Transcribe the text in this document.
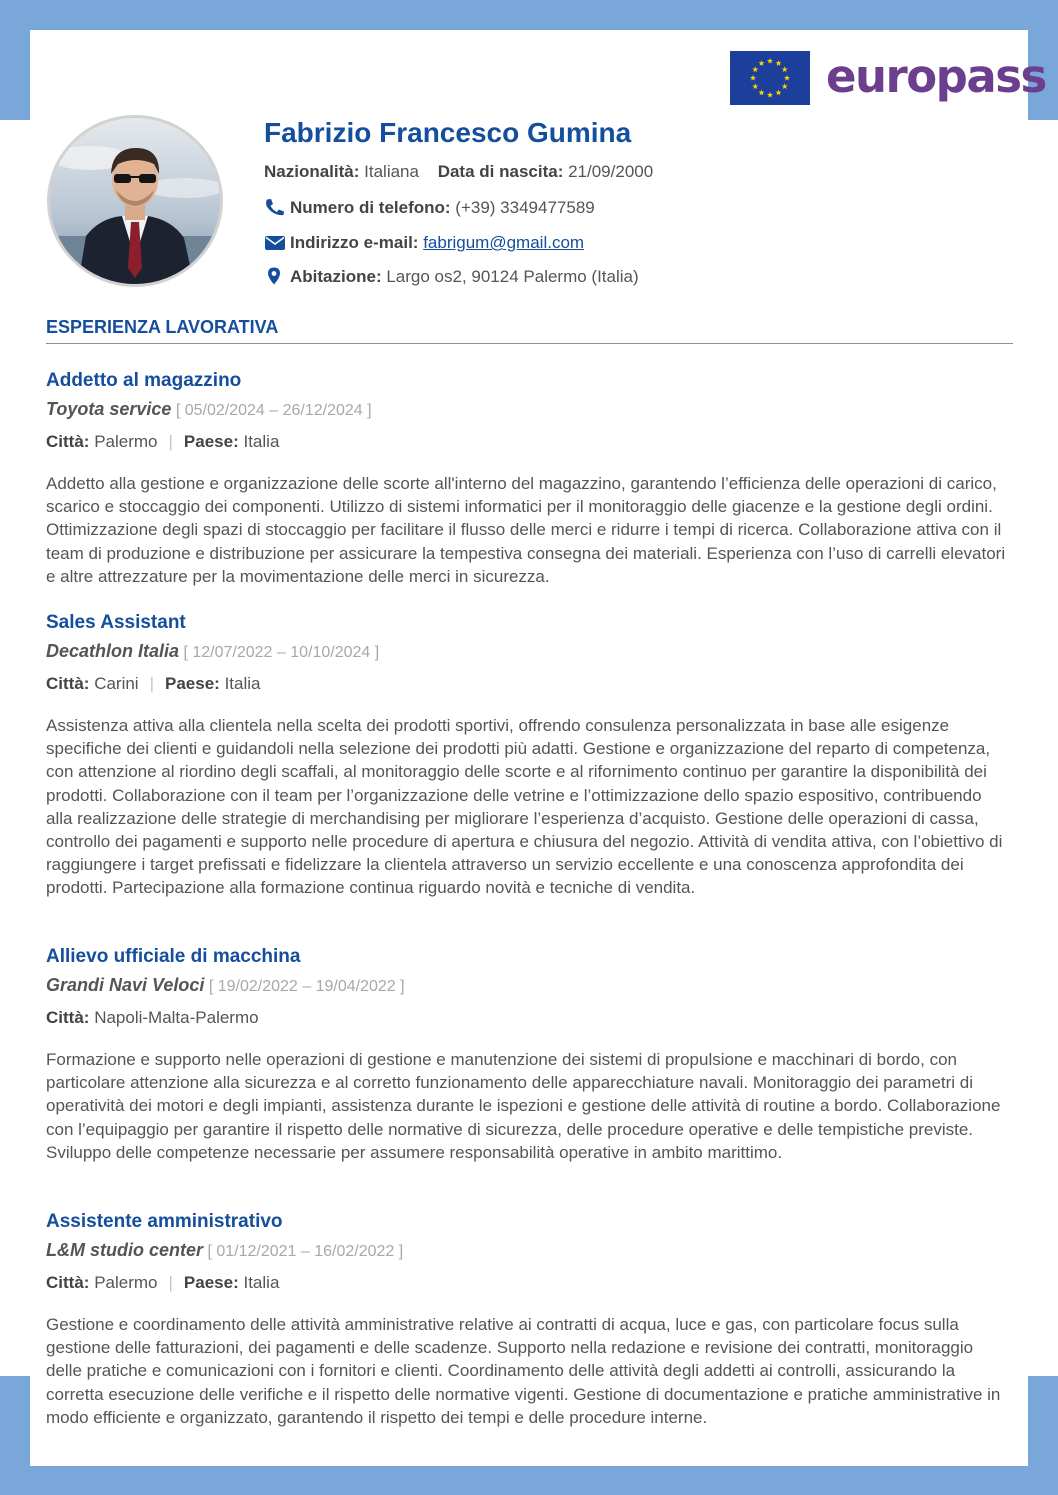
europass
Fabrizio Francesco Gumina
Nazionalità: Italiana Data di nascita: 21/09/2000
Numero di telefono: (+39) 3349477589
Indirizzo e-mail: fabrigum@gmail.com
Abitazione: Largo os2, 90124 Palermo (Italia)
ESPERIENZA LAVORATIVA
Addetto al magazzino
Toyota service [ 05/02/2024 – 26/12/2024 ]
Città: Palermo | Paese: Italia
Addetto alla gestione e organizzazione delle scorte all'interno del magazzino, garantendo l’efficienza delle operazioni di carico, scarico e stoccaggio dei componenti. Utilizzo di sistemi informatici per il monitoraggio delle giacenze e la gestione degli ordini. Ottimizzazione degli spazi di stoccaggio per facilitare il flusso delle merci e ridurre i tempi di ricerca. Collaborazione attiva con il team di produzione e distribuzione per assicurare la tempestiva consegna dei materiali. Esperienza con l’uso di carrelli elevatori e altre attrezzature per la movimentazione delle merci in sicurezza.
Sales Assistant
Decathlon Italia [ 12/07/2022 – 10/10/2024 ]
Città: Carini | Paese: Italia
Assistenza attiva alla clientela nella scelta dei prodotti sportivi, offrendo consulenza personalizzata in base alle esigenze specifiche dei clienti e guidandoli nella selezione dei prodotti più adatti. Gestione e organizzazione del reparto di competenza, con attenzione al riordino degli scaffali, al monitoraggio delle scorte e al rifornimento continuo per garantire la disponibilità dei prodotti. Collaborazione con il team per l’organizzazione delle vetrine e l’ottimizzazione dello spazio espositivo, contribuendo alla realizzazione delle strategie di merchandising per migliorare l’esperienza d’acquisto. Gestione delle operazioni di cassa, controllo dei pagamenti e supporto nelle procedure di apertura e chiusura del negozio. Attività di vendita attiva, con l’obiettivo di raggiungere i target prefissati e fidelizzare la clientela attraverso un servizio eccellente e una conoscenza approfondita dei prodotti. Partecipazione alla formazione continua riguardo novità e tecniche di vendita.
Allievo ufficiale di macchina
Grandi Navi Veloci [ 19/02/2022 – 19/04/2022 ]
Città: Napoli-Malta-Palermo
Formazione e supporto nelle operazioni di gestione e manutenzione dei sistemi di propulsione e macchinari di bordo, con particolare attenzione alla sicurezza e al corretto funzionamento delle apparecchiature navali. Monitoraggio dei parametri di operatività dei motori e degli impianti, assistenza durante le ispezioni e gestione delle attività di routine a bordo. Collaborazione con l’equipaggio per garantire il rispetto delle normative di sicurezza, delle procedure operative e delle tempistiche previste. Sviluppo delle competenze necessarie per assumere responsabilità operative in ambito marittimo.
Assistente amministrativo
L&M studio center [ 01/12/2021 – 16/02/2022 ]
Città: Palermo | Paese: Italia
Gestione e coordinamento delle attività amministrative relative ai contratti di acqua, luce e gas, con particolare focus sulla gestione delle fatturazioni, dei pagamenti e delle scadenze. Supporto nella redazione e revisione dei contratti, monitoraggio delle pratiche e comunicazioni con i fornitori e clienti. Coordinamento delle attività degli addetti ai controlli, assicurando la corretta esecuzione delle verifiche e il rispetto delle normative vigenti. Gestione di documentazione e pratiche amministrative in modo efficiente e organizzato, garantendo il rispetto dei tempi e delle procedure interne.
